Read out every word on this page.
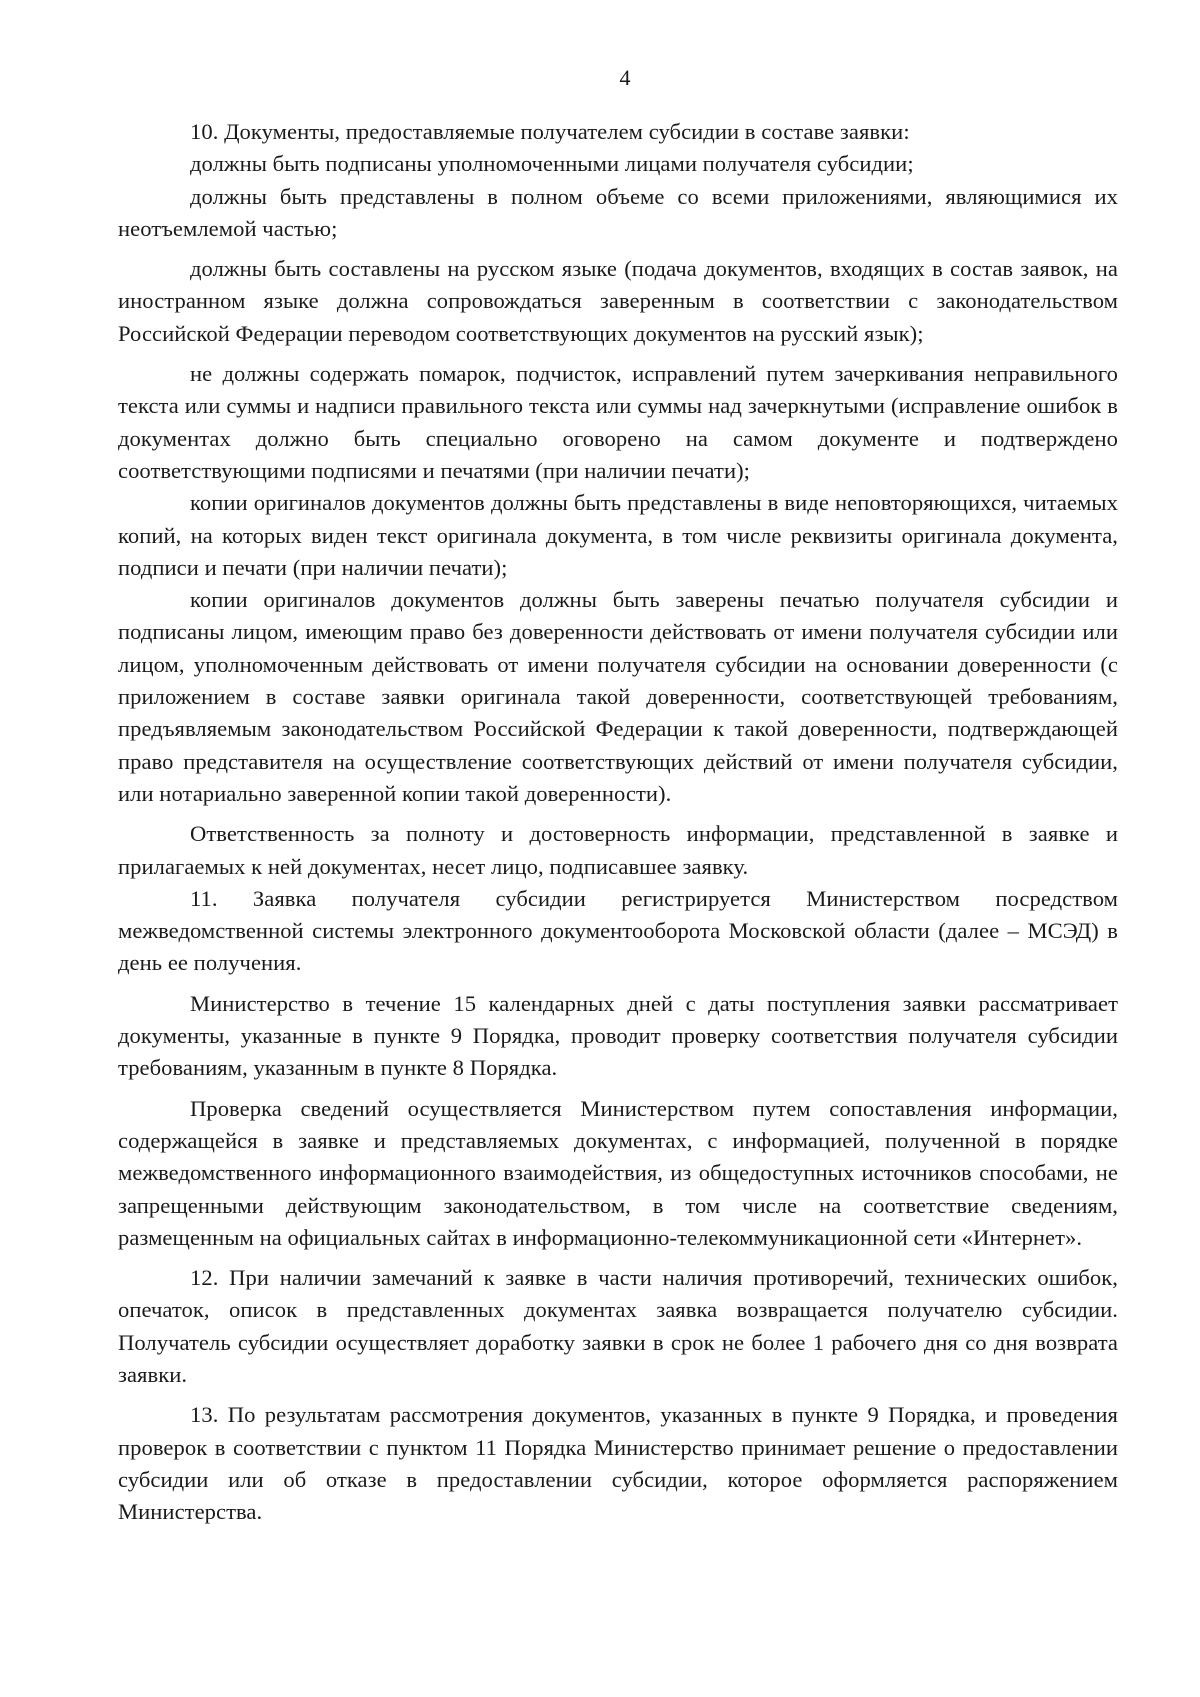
4

10. Документы, предоставляемые получателем субсидии в составе заявки:

должны быть подписаны уполномоченными лицами получателя субсидии;

должны быть представлены в полном объеме со всеми приложениями, являющимися их неотъемлемой частью;

должны быть составлены на русском языке (подача документов, входящих в состав заявок, на иностранном языке должна сопровождаться заверенным в соответствии с законодательством Российской Федерации переводом соответствующих документов на русский язык);

не должны содержать помарок, подчисток, исправлений путем зачеркивания неправильного текста или суммы и надписи правильного текста или суммы над зачеркнутыми (исправление ошибок в документах должно быть специально оговорено на самом документе и подтверждено соответствующими подписями и печатями (при наличии печати);

копии оригиналов документов должны быть представлены в виде неповторяющихся, читаемых копий, на которых виден текст оригинала документа, в том числе реквизиты оригинала документа, подписи и печати (при наличии печати);

копии оригиналов документов должны быть заверены печатью получателя субсидии и подписаны лицом, имеющим право без доверенности действовать от имени получателя субсидии или лицом, уполномоченным действовать от имени получателя субсидии на основании доверенности (с приложением в составе заявки оригинала такой доверенности, соответствующей требованиям, предъявляемым законодательством Российской Федерации к такой доверенности, подтверждающей право представителя на осуществление соответствующих действий от имени получателя субсидии, или нотариально заверенной копии такой доверенности).

Ответственность за полноту и достоверность информации, представленной в заявке и прилагаемых к ней документах, несет лицо, подписавшее заявку.

11. Заявка получателя субсидии регистрируется Министерством посредством межведомственной системы электронного документооборота Московской области (далее – МСЭД) в день ее получения.

Министерство в течение 15 календарных дней с даты поступления заявки рассматривает документы, указанные в пункте 9 Порядка, проводит проверку соответствия получателя субсидии требованиям, указанным в пункте 8 Порядка.

Проверка сведений осуществляется Министерством путем сопоставления информации, содержащейся в заявке и представляемых документах, с информацией, полученной в порядке межведомственного информационного взаимодействия, из общедоступных источников способами, не запрещенными действующим законодательством, в том числе на соответствие сведениям, размещенным на официальных сайтах в информационно-телекоммуникационной сети «Интернет».

12. При наличии замечаний к заявке в части наличия противоречий, технических ошибок, опечаток, описок в представленных документах заявка возвращается получателю субсидии. Получатель субсидии осуществляет доработку заявки в срок не более 1 рабочего дня со дня возврата заявки.

13. По результатам рассмотрения документов, указанных в пункте 9 Порядка, и проведения проверок в соответствии с пунктом 11 Порядка Министерство принимает решение о предоставлении субсидии или об отказе в предоставлении субсидии, которое оформляется распоряжением Министерства.
